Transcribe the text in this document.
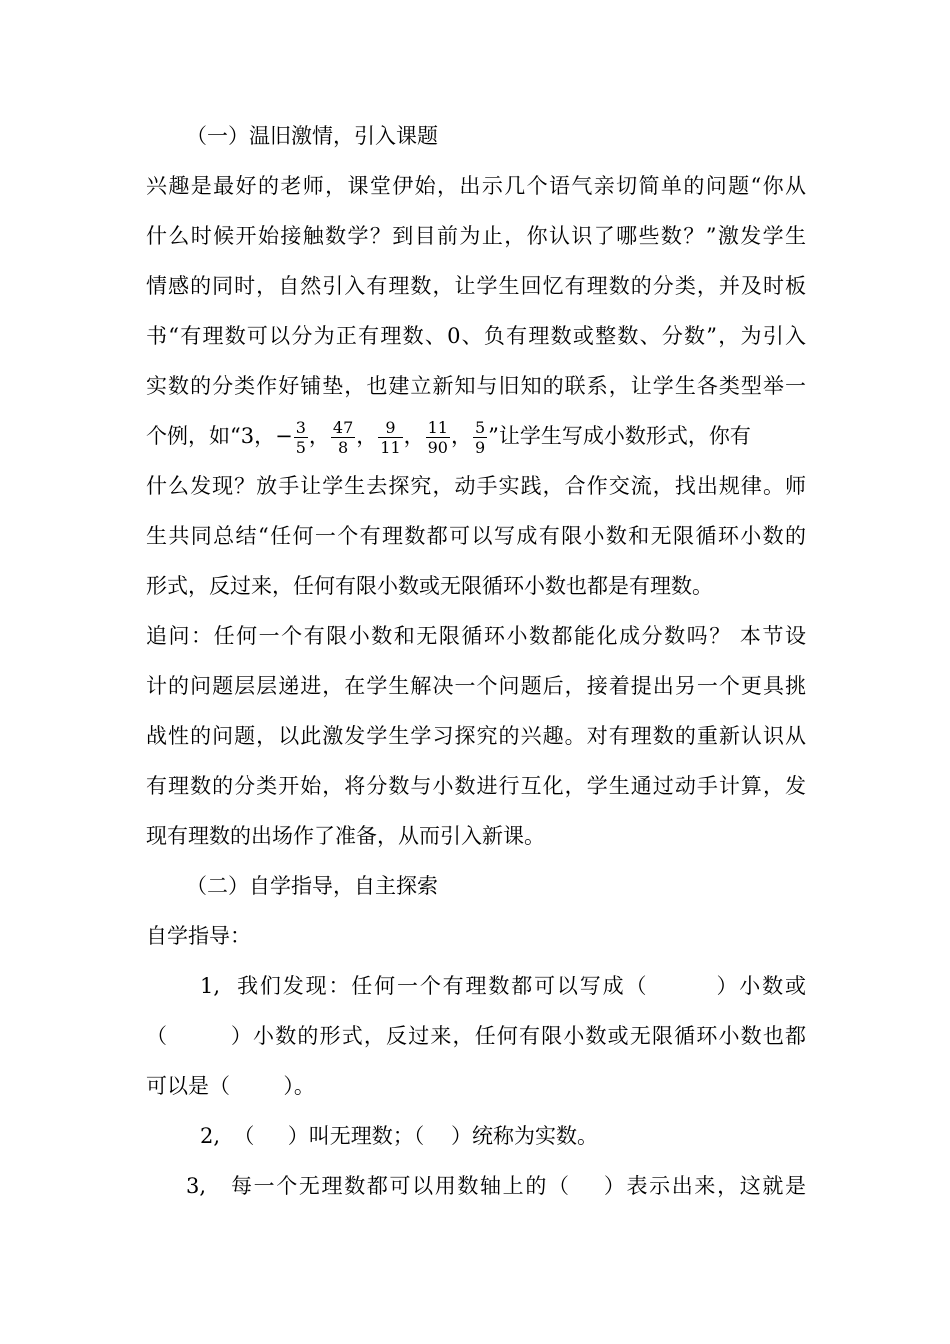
（一）温旧激情，引入课题
兴趣是最好的老师，课堂伊始，出示几个语气亲切简单的问题“你从
什么时候开始接触数学？到目前为止，你认识了哪些数？”激发学生
情感的同时，自然引入有理数，让学生回忆有理数的分类，并及时板
书“有理数可以分为正有理数、0、负有理数或整数、分数”，为引入
实数的分类作好铺垫，也建立新知与旧知的联系，让学生各类型举一
个例，如“3，− $\frac{3}{5}$ ， $\frac{47}{8}$ ， $\frac{9}{11}$ ， $\frac{11}{90}$ ， $\frac{5}{9}$ ”让学生写成小数形式，你有
什么发现？放手让学生去探究，动手实践，合作交流，找出规律。师
生共同总结“任何一个有理数都可以写成有限小数和无限循环小数的
形式，反过来，任何有限小数或无限循环小数也都是有理数。
追问：任何一个有限小数和无限循环小数都能化成分数吗？ 本节设
计的问题层层递进，在学生解决一个问题后，接着提出另一个更具挑
战性的问题，以此激发学生学习探究的兴趣。对有理数的重新认识从
有理数的分类开始，将分数与小数进行互化，学生通过动手计算，发
现有理数的出场作了准备，从而引入新课。
（二）自学指导，自主探索
自学指导：
1,  我们发现：任何一个有理数都可以写成（        ）小数或
（        ）小数的形式，反过来，任何有限小数或无限循环小数也都
可以是（        ）。
2,  （     ）叫无理数；（    ）统称为实数。
3,   每一个无理数都可以用数轴上的（    ）表示出来，这就是
